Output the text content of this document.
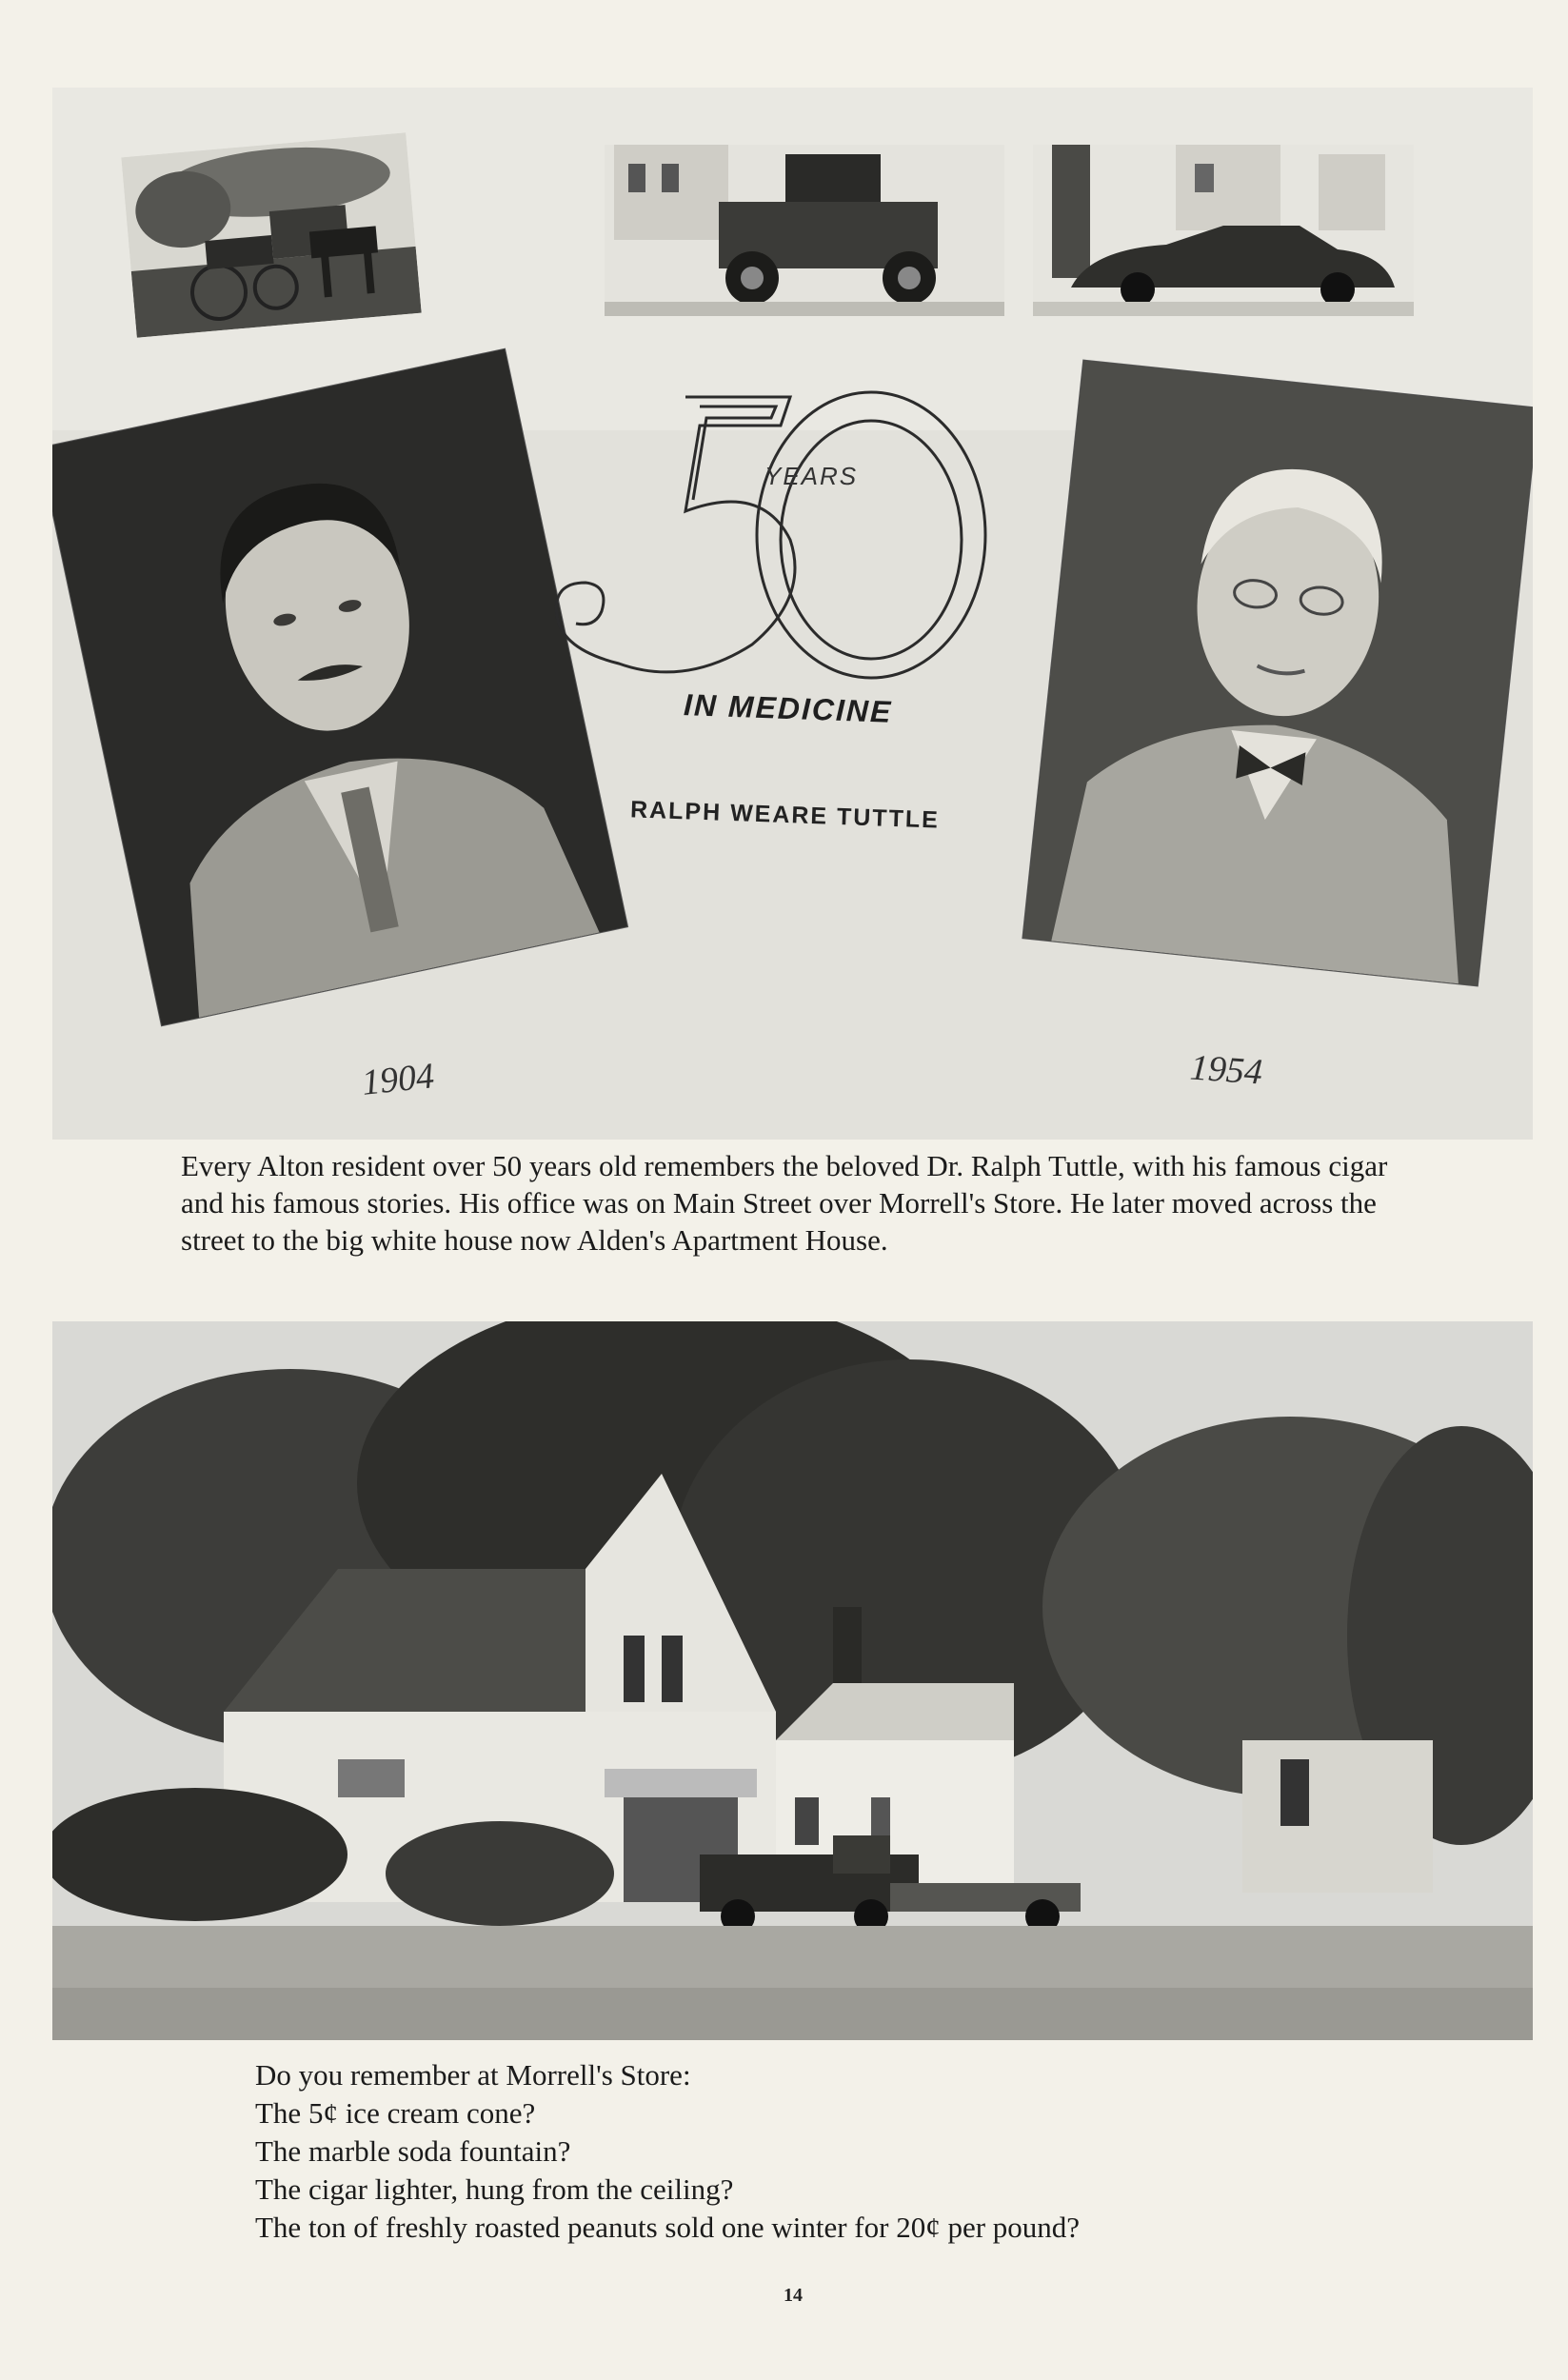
YEARS
IN MEDICINE
RALPH WEARE TUTTLE
1904	1954

Every Alton resident over 50 years old remembers the beloved Dr. Ralph Tuttle, with his famous cigar and his famous stories. His office was on Main Street over Morrell's Store. He later moved across the street to the big white house now Alden's Apartment House.

Do you remember at Morrell's Store:
The 5¢ ice cream cone?
The marble soda fountain?
The cigar lighter, hung from the ceiling?
The ton of freshly roasted peanuts sold one winter for 20¢ per pound?
14
